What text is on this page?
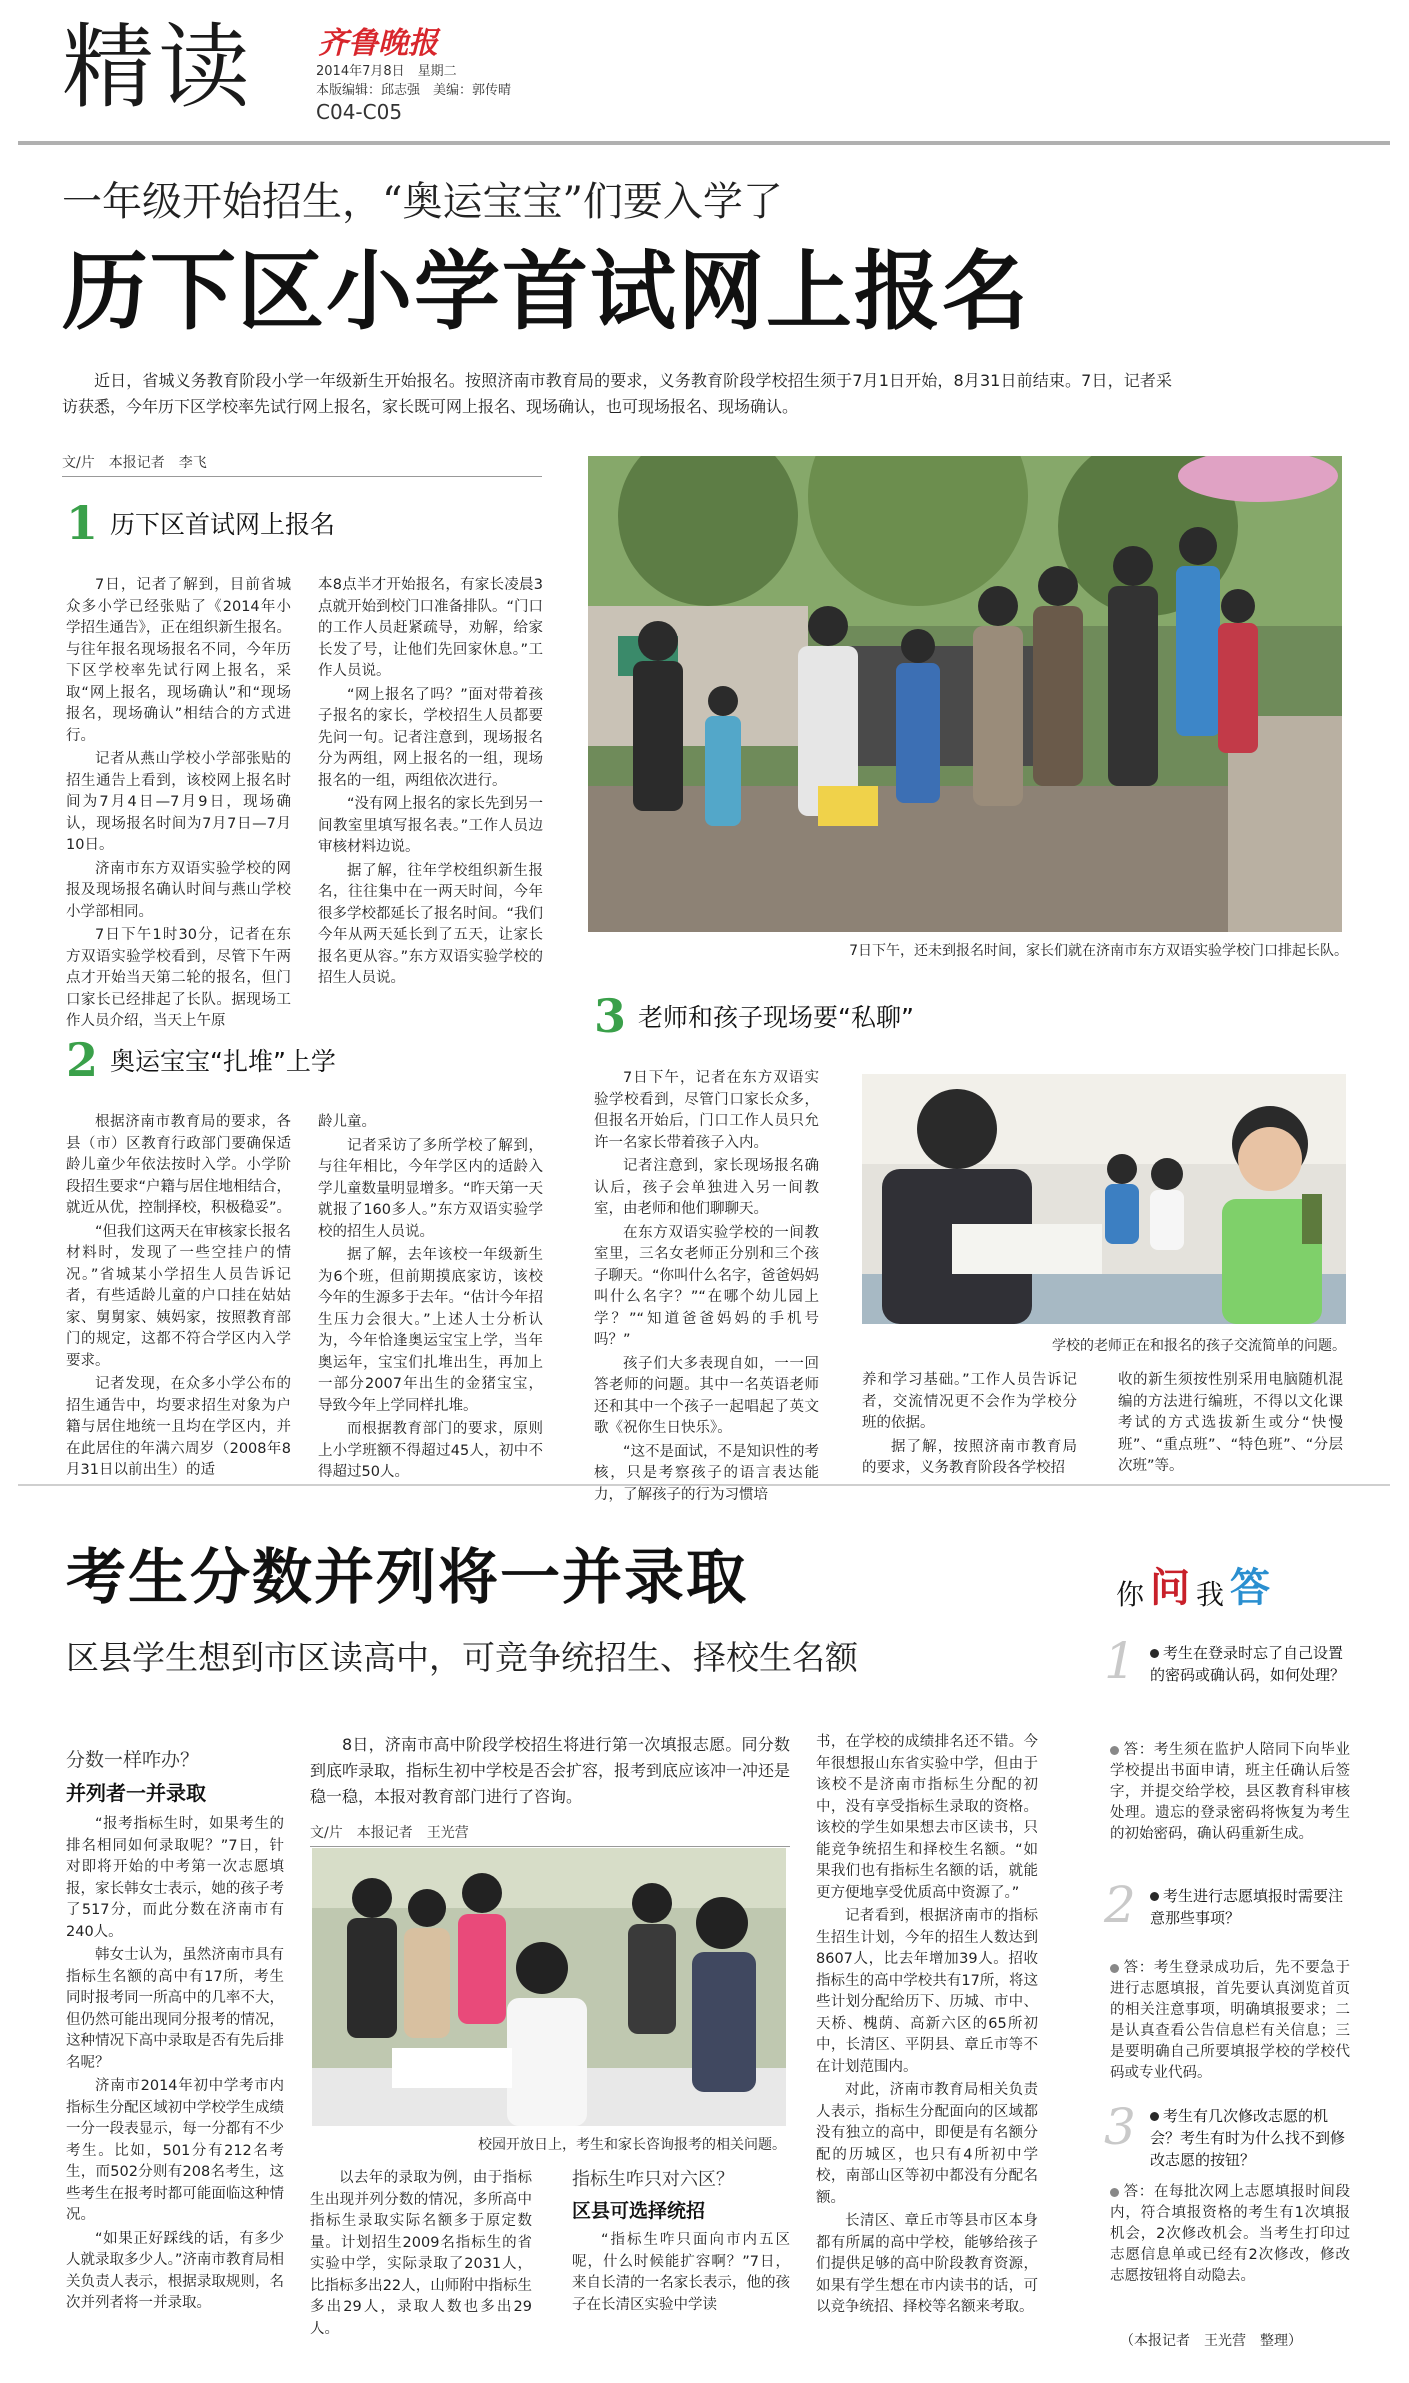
精读 齐鲁晚报
2014年7月8日　星期二
本版编辑：邱志强　美编：郭传晴
C04-C05
一年级开始招生，“奥运宝宝”们要入学了
历下区小学首试网上报名

近日，省城义务教育阶段小学一年级新生开始报名。按照济南市教育局的要求，义务教育阶段学校招生须于7月1日开始，8月31日前结束。7日，记者采访获悉，今年历下区学校率先试行网上报名，家长既可网上报名、现场确认，也可现场报名、现场确认。

文/片　本报记者　李飞
1 历下区首试网上报名

7日，记者了解到，目前省城众多小学已经张贴了《2014年小学招生通告》，正在组织新生报名。与往年报名现场报名不同，今年历下区学校率先试行网上报名，采取“网上报名，现场确认”和“现场报名，现场确认”相结合的方式进行。

记者从燕山学校小学部张贴的招生通告上看到，该校网上报名时间为7月4日—7月9日，现场确认，现场报名时间为7月7日—7月10日。

济南市东方双语实验学校的网报及现场报名确认时间与燕山学校小学部相同。

7日下午1时30分，记者在东方双语实验学校看到，尽管下午两点才开始当天第二轮的报名，但门口家长已经排起了长队。据现场工作人员介绍，当天上午原

本8点半才开始报名，有家长凌晨3点就开始到校门口准备排队。“门口的工作人员赶紧疏导，劝解，给家长发了号，让他们先回家休息。”工作人员说。

“网上报名了吗？”面对带着孩子报名的家长，学校招生人员都要先问一句。记者注意到，现场报名分为两组，网上报名的一组，现场报名的一组，两组依次进行。

“没有网上报名的家长先到另一间教室里填写报名表。”工作人员边审核材料边说。

据了解，往年学校组织新生报名，往往集中在一两天时间，今年很多学校都延长了报名时间。“我们今年从两天延长到了五天，让家长报名更从容。”东方双语实验学校的招生人员说。

7日下午，还未到报名时间，家长们就在济南市东方双语实验学校门口排起长队。
2 奥运宝宝“扎堆”上学

根据济南市教育局的要求，各县（市）区教育行政部门要确保适龄儿童少年依法按时入学。小学阶段招生要求“户籍与居住地相结合，就近从优，控制择校，积极稳妥”。

“但我们这两天在审核家长报名材料时，发现了一些空挂户的情况。”省城某小学招生人员告诉记者，有些适龄儿童的户口挂在姑姑家、舅舅家、姨妈家，按照教育部门的规定，这都不符合学区内入学要求。

记者发现，在众多小学公布的招生通告中，均要求招生对象为户籍与居住地统一且均在学区内，并在此居住的年满六周岁（2008年8月31日以前出生）的适

龄儿童。

记者采访了多所学校了解到，与往年相比，今年学区内的适龄入学儿童数量明显增多。“昨天第一天就报了160多人。”东方双语实验学校的招生人员说。

据了解，去年该校一年级新生为6个班，但前期摸底家访，该校今年的生源多于去年。“估计今年招生压力会很大。”上述人士分析认为，今年恰逢奥运宝宝上学，当年奥运年，宝宝们扎堆出生，再加上一部分2007年出生的金猪宝宝，导致今年上学同样扎堆。

而根据教育部门的要求，原则上小学班额不得超过45人，初中不得超过50人。

3 老师和孩子现场要“私聊”

7日下午，记者在东方双语实验学校看到，尽管门口家长众多，但报名开始后，门口工作人员只允许一名家长带着孩子入内。

记者注意到，家长现场报名确认后，孩子会单独进入另一间教室，由老师和他们聊聊天。

在东方双语实验学校的一间教室里，三名女老师正分别和三个孩子聊天。“你叫什么名字，爸爸妈妈叫什么名字？”“在哪个幼儿园上学？”“知道爸爸妈妈的手机号吗？”

孩子们大多表现自如，一一回答老师的问题。其中一名英语老师还和其中一个孩子一起唱起了英文歌《祝你生日快乐》。

“这不是面试，不是知识性的考核，只是考察孩子的语言表达能力，了解孩子的行为习惯培

学校的老师正在和报名的孩子交流简单的问题。

养和学习基础。”工作人员告诉记者，交流情况更不会作为学校分班的依据。

据了解，按照济南市教育局的要求，义务教育阶段各学校招

收的新生须按性别采用电脑随机混编的方法进行编班，不得以文化课考试的方式选拔新生或分“快慢班”、“重点班”、“特色班”、“分层次班”等。

考生分数并列将一并录取
区县学生想到市区读高中，可竞争统招生、择校生名额
分数一样咋办？
并列者一并录取

“报考指标生时，如果考生的排名相同如何录取呢？”7日，针对即将开始的中考第一次志愿填报，家长韩女士表示，她的孩子考了517分，而此分数在济南市有240人。

韩女士认为，虽然济南市具有指标生名额的高中有17所，考生同时报考同一所高中的几率不大，但仍然可能出现同分报考的情况，这种情况下高中录取是否有先后排名呢？

济南市2014年初中学考市内指标生分配区域初中学校学生成绩一分一段表显示，每一分都有不少考生。比如，501分有212名考生，而502分则有208名考生，这些考生在报考时都可能面临这种情况。

“如果正好踩线的话，有多少人就录取多少人。”济南市教育局相关负责人表示，根据录取规则，名次并列者将一并录取。

8日，济南市高中阶段学校招生将进行第一次填报志愿。同分数到底咋录取，指标生初中学校是否会扩容，报考到底应该冲一冲还是稳一稳，本报对教育部门进行了咨询。

文/片　本报记者　王光营
校园开放日上，考生和家长咨询报考的相关问题。

以去年的录取为例，由于指标生出现并列分数的情况，多所高中指标生录取实际名额多于原定数量。计划招生2009名指标生的省实验中学，实际录取了2031人，比指标多出22人，山师附中指标生多出29人，录取人数也多出29人。

指标生咋只对六区？
区县可选择统招

“指标生咋只面向市内五区呢，什么时候能扩容啊？”7日，来自长清的一名家长表示，他的孩子在长清区实验中学读

书，在学校的成绩排名还不错。今年很想报山东省实验中学，但由于该校不是济南市指标生分配的初中，没有享受指标生录取的资格。该校的学生如果想去市区读书，只能竞争统招生和择校生名额。“如果我们也有指标生名额的话，就能更方便地享受优质高中资源了。”

记者看到，根据济南市的指标生招生计划，今年的招生人数达到8607人，比去年增加39人。招收指标生的高中学校共有17所，将这些计划分配给历下、历城、市中、天桥、槐荫、高新六区的65所初中，长清区、平阴县、章丘市等不在计划范围内。

对此，济南市教育局相关负责人表示，指标生分配面向的区域都没有独立的高中，即便是有名额分配的历城区，也只有4所初中学校，南部山区等初中都没有分配名额。

长清区、章丘市等县市区本身都有所属的高中学校，能够给孩子们提供足够的高中阶段教育资源，如果有学生想在市内读书的话，可以竞争统招、择校等名额来考取。

你 问 我 答
1	考生在登录时忘了自己设置的密码或确认码，如何处理？
答：考生须在监护人陪同下向毕业学校提出书面申请，班主任确认后签字，并提交给学校，县区教育科审核处理。遗忘的登录密码将恢复为考生的初始密码，确认码重新生成。
2	考生进行志愿填报时需要注意那些事项？
答：考生登录成功后，先不要急于进行志愿填报，首先要认真浏览首页的相关注意事项，明确填报要求；二是认真查看公告信息栏有关信息；三是要明确自己所要填报学校的学校代码或专业代码。
3	考生有几次修改志愿的机会？考生有时为什么找不到修改志愿的按钮？
答：在每批次网上志愿填报时间段内，符合填报资格的考生有1次填报机会，2次修改机会。当考生打印过志愿信息单或已经有2次修改，修改志愿按钮将自动隐去。
（本报记者　王光营　整理）
